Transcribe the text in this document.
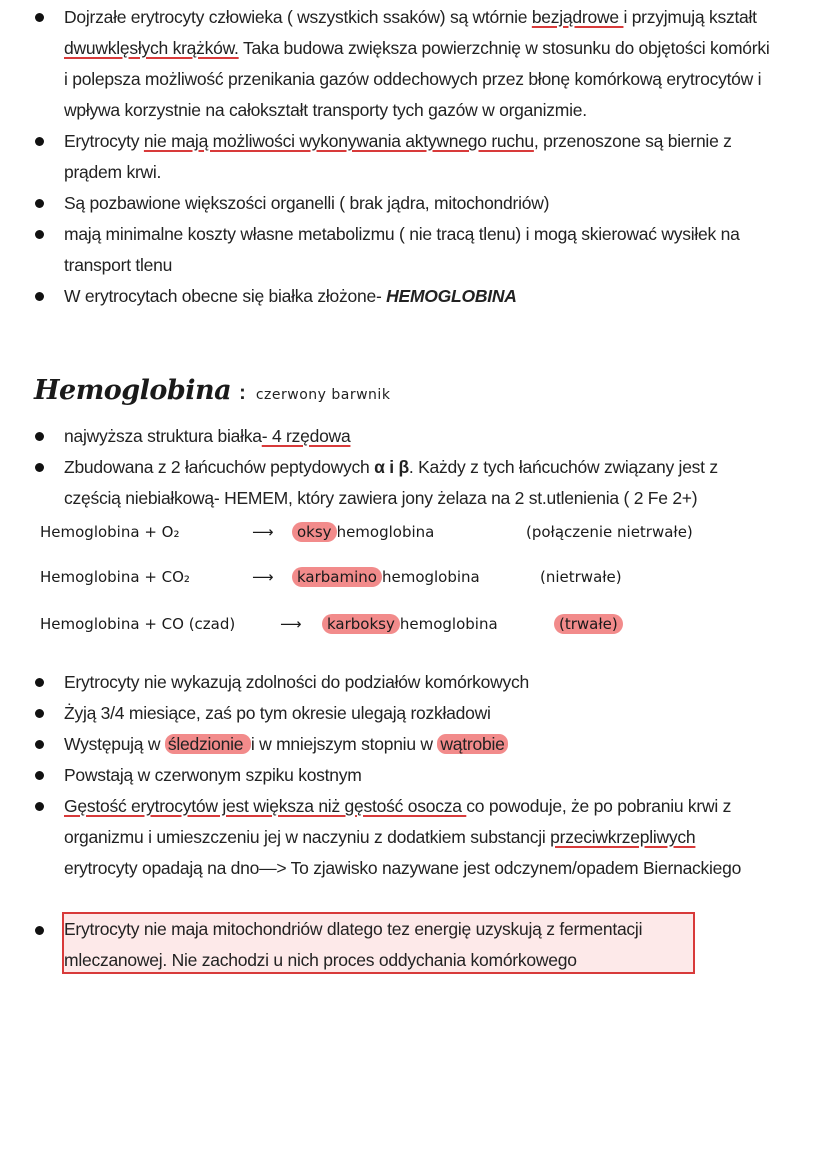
Dojrzałe erytrocyty człowieka ( wszystkich ssaków) są wtórnie bezjądrowe i przyjmują kształt dwuwklęsłych krążków. Taka budowa zwiększa powierzchnię w stosunku do objętości komórki i polepsza możliwość przenikania gazów oddechowych przez błonę komórkową erytrocytów i wpływa korzystnie na całokształt transporty tych gazów w organizmie.
Erytrocyty nie mają możliwości wykonywania aktywnego ruchu, przenoszone są biernie z prądem krwi.
Są pozbawione większości organelli ( brak jądra, mitochondriów)
mają minimalne koszty własne metabolizmu ( nie tracą tlenu) i mogą skierować wysiłek na transport tlenu
W erytrocytach obecne się białka złożone- HEMOGLOBINA
Hemoglobina : czerwony barwnik
najwyższa struktura białka- 4 rzędowa
Zbudowana z 2 łańcuchów peptydowych α i β. Każdy z tych łańcuchów związany jest z częścią niebiałkową- HEMEM, który zawiera jony żelaza na 2 st.utlenienia ( 2 Fe 2+)
Hemoglobina + O₂	⟶	oksy hemoglobina	(połączenie nietrwałe)
Hemoglobina + CO₂	⟶	karbamino hemoglobina	(nietrwałe)
Hemoglobina + CO (czad)	⟶	karboksy hemoglobina	(trwałe)
Erytrocyty nie wykazują zdolności do podziałów komórkowych
Żyją 3/4 miesiące, zaś po tym okresie ulegają rozkładowi
Występują w śledzionie i w mniejszym stopniu w wątrobie
Powstają w czerwonym szpiku kostnym
Gęstość erytrocytów jest większa niż gęstość osocza co powoduje, że po pobraniu krwi z organizmu i umieszczeniu jej w naczyniu z dodatkiem substancji przeciwkrzepliwych erytrocyty opadają na dno—> To zjawisko nazywane jest odczynem/opadem Biernackiego
Erytrocyty nie maja mitochondriów dlatego tez energię uzyskują z fermentacji mleczanowej. Nie zachodzi u nich proces oddychania komórkowego
